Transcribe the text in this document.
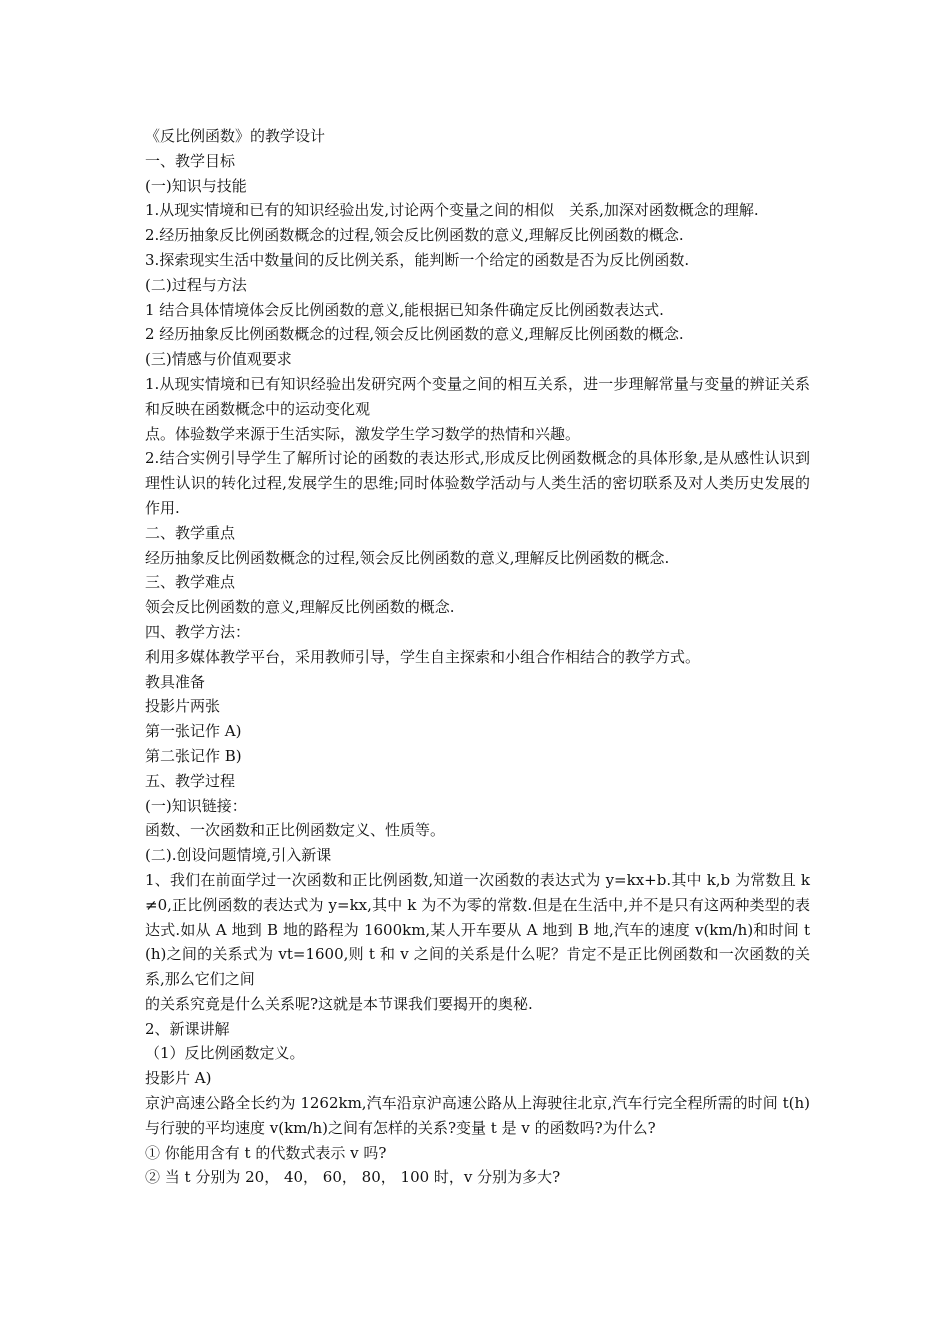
《反比例函数》的教学设计

一、教学目标

(一)知识与技能

1.从现实情境和已有的知识经验出发,讨论两个变量之间的相似　关系,加深对函数概念的理解.

2.经历抽象反比例函数概念的过程,领会反比例函数的意义,理解反比例函数的概念.

3.探索现实生活中数量间的反比例关系，能判断一个给定的函数是否为反比例函数.

(二)过程与方法

1 结合具体情境体会反比例函数的意义,能根据已知条件确定反比例函数表达式.

2 经历抽象反比例函数概念的过程,领会反比例函数的意义,理解反比例函数的概念.

(三)情感与价值观要求

1.从现实情境和已有知识经验出发研究两个变量之间的相互关系，进一步理解常量与变量的辨证关系和反映在函数概念中的运动变化观

点。体验数学来源于生活实际，激发学生学习数学的热情和兴趣。

2.结合实例引导学生了解所讨论的函数的表达形式,形成反比例函数概念的具体形象,是从感性认识到理性认识的转化过程,发展学生的思维;同时体验数学活动与人类生活的密切联系及对人类历史发展的作用.

二、教学重点

经历抽象反比例函数概念的过程,领会反比例函数的意义,理解反比例函数的概念.

三、教学难点

领会反比例函数的意义,理解反比例函数的概念.

四、教学方法：

利用多媒体教学平台，采用教师引导，学生自主探索和小组合作相结合的教学方式。

教具准备

投影片两张

第一张记作 A)

第二张记作 B)

五、教学过程

(一)知识链接：

函数、一次函数和正比例函数定义、性质等。

(二).创设问题情境,引入新课

1、我们在前面学过一次函数和正比例函数,知道一次函数的表达式为 y=kx+b.其中 k,b 为常数且 k≠0,正比例函数的表达式为 y=kx,其中 k 为不为零的常数.但是在生活中,并不是只有这两种类型的表达式.如从 A 地到 B 地的路程为 1600km,某人开车要从 A 地到 B 地,汽车的速度 v(km/h)和时间 t(h)之间的关系式为 vt=1600,则 t 和 v 之间的关系是什么呢？肯定不是正比例函数和一次函数的关系,那么它们之间

的关系究竟是什么关系呢?这就是本节课我们要揭开的奥秘.

2、新课讲解

（1）反比例函数定义。

投影片 A)

京沪高速公路全长约为 1262km,汽车沿京沪高速公路从上海驶往北京,汽车行完全程所需的时间 t(h)与行驶的平均速度 v(km/h)之间有怎样的关系?变量 t 是 v 的函数吗?为什么?

① 你能用含有 t 的代数式表示 v 吗?

② 当 t 分别为 20， 40， 60， 80， 100 时，v 分别为多大?
